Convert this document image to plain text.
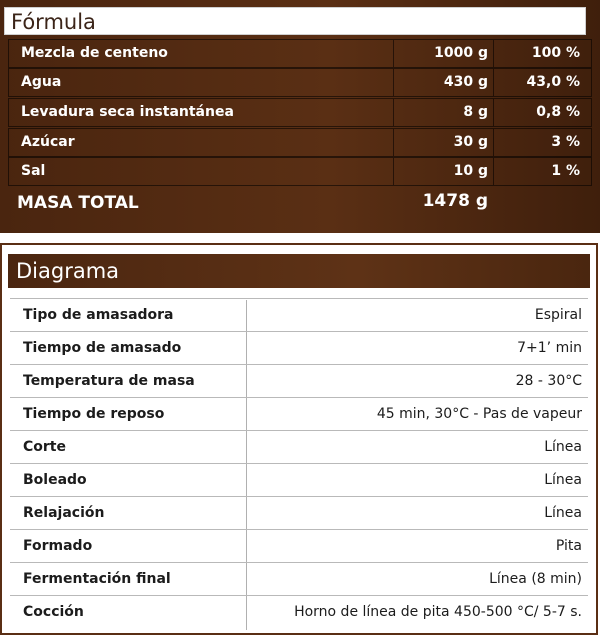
Fórmula
Mezcla de centeno	1000 g	100 %
Agua	430 g	43,0 %
Levadura seca instantánea	8 g	0,8 %
Azúcar	30 g	3 %
Sal	10 g	1 %
MASA TOTAL	1478 g
Diagrama
Tipo de amasadora	Espiral
Tiempo de amasado	7+1’ min
Temperatura de masa	28 - 30°C
Tiempo de reposo	45 min, 30°C - Pas de vapeur
Corte	Línea
Boleado	Línea
Relajación	Línea
Formado	Pita
Fermentación final	Línea (8 min)
Cocción	Horno de línea de pita 450-500 °C/ 5-7 s.
